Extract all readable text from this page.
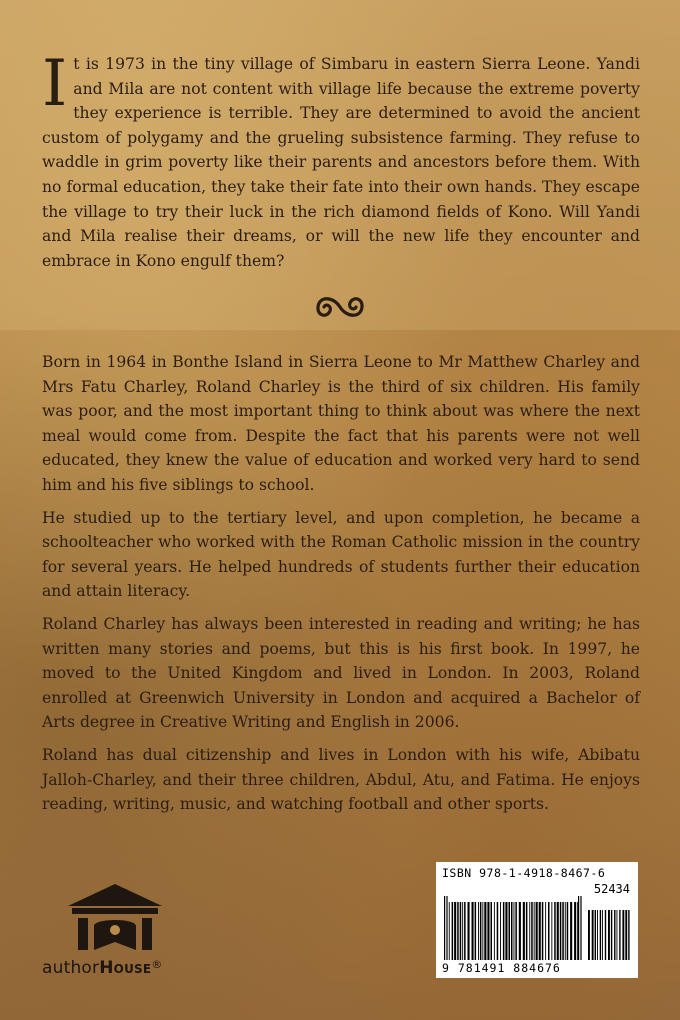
It is 1973 in the tiny village of Simbaru in eastern Sierra Leone. Yandi and Mila are not content with village life because the extreme poverty they experience is terrible. They are determined to avoid the ancient custom of polygamy and the grueling subsistence farming. They refuse to waddle in grim poverty like their parents and ancestors before them. With no formal education, they take their fate into their own hands. They escape the village to try their luck in the rich diamond fields of Kono. Will Yandi and Mila realise their dreams, or will the new life they encounter and embrace in Kono engulf them?

Born in 1964 in Bonthe Island in Sierra Leone to Mr Matthew Charley and Mrs Fatu Charley, Roland Charley is the third of six children. His family was poor, and the most important thing to think about was where the next meal would come from. Despite the fact that his parents were not well educated, they knew the value of education and worked very hard to send him and his five siblings to school.

He studied up to the tertiary level, and upon completion, he became a schoolteacher who worked with the Roman Catholic mission in the country for several years. He helped hundreds of students further their education and attain literacy.

Roland Charley has always been interested in reading and writing; he has written many stories and poems, but this is his first book. In 1997, he moved to the United Kingdom and lived in London. In 2003, Roland enrolled at Greenwich University in London and acquired a Bachelor of Arts degree in Creative Writing and English in 2006.

Roland has dual citizenship and lives in London with his wife, Abibatu Jalloh-Charley, and their three children, Abdul, Atu, and Fatima. He enjoys reading, writing, music, and watching football and other sports.

authorHouse®
ISBN 978-1-4918-8467-6
52434
9 781491 884676
